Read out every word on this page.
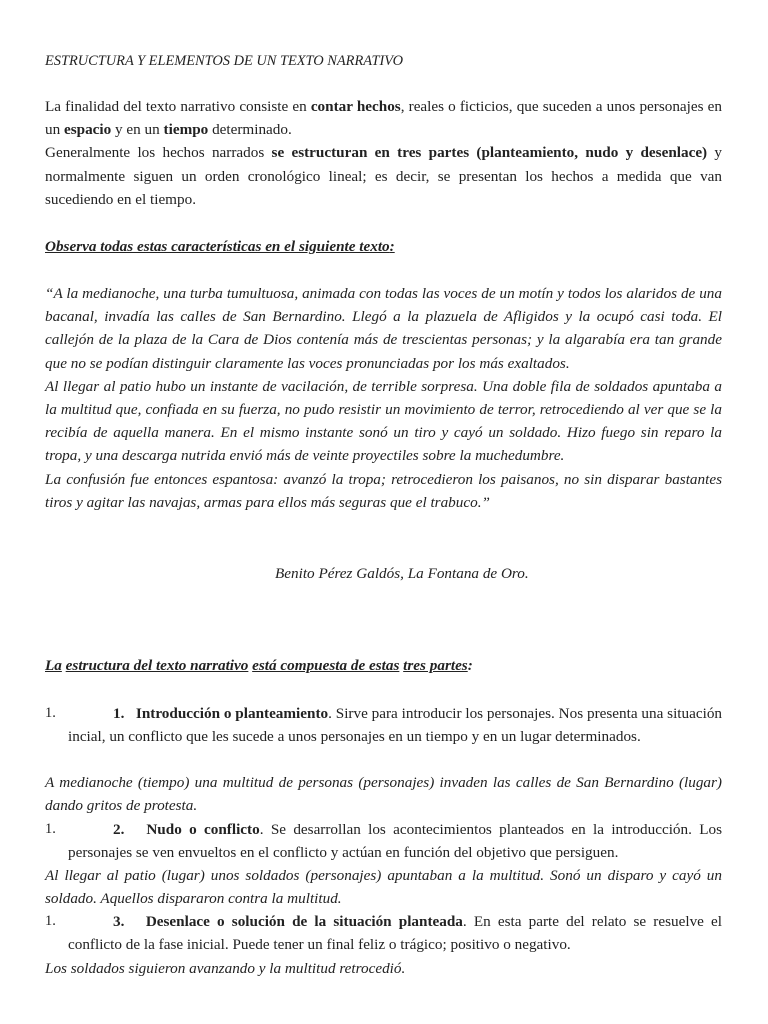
ESTRUCTURA Y ELEMENTOS DE UN TEXTO NARRATIVO

La finalidad del texto narrativo consiste en contar hechos, reales o ficticios, que suceden a unos personajes en un espacio y en un tiempo determinado.
Generalmente los hechos narrados se estructuran en tres partes (planteamiento, nudo y desenlace) y normalmente siguen un orden cronológico lineal; es decir, se presentan los hechos a medida que van sucediendo en el tiempo.

Observa todas estas características en el siguiente texto:

“A la medianoche, una turba tumultuosa, animada con todas las voces de un motín y todos los alaridos de una bacanal, invadía las calles de San Bernardino. Llegó a la plazuela de Afligidos y la ocupó casi toda. El callejón de la plaza de la Cara de Dios contenía más de trescientas personas; y la algarabía era tan grande que no se podían distinguir claramente las voces pronunciadas por los más exaltados.
Al llegar al patio hubo un instante de vacilación, de terrible sorpresa. Una doble fila de soldados apuntaba a la multitud que, confiada en su fuerza, no pudo resistir un movimiento de terror, retrocediendo al ver que se la recibía de aquella manera. En el mismo instante sonó un tiro y cayó un soldado. Hizo fuego sin reparo la tropa, y una descarga nutrida envió más de veinte proyectiles sobre la muchedumbre.
La confusión fue entonces espantosa: avanzó la tropa; retrocedieron los paisanos, no sin disparar bastantes tiros y agitar las navajas, armas para ellos más seguras que el trabuco.”
Benito Pérez Galdós, La Fontana de Oro.

La estructura del texto narrativo está compuesta de estas tres partes:

1.	1. Introducción o planteamiento. Sirve para introducir los personajes. Nos presenta una situación incial, un conflicto que les sucede a unos personajes en un tiempo y en un lugar determinados.
A medianoche (tiempo) una multitud de personas (personajes) invaden las calles de San Bernardino (lugar) dando gritos de protesta.
1.	2. Nudo o conflicto. Se desarrollan los acontecimientos planteados en la introducción. Los personajes se ven envueltos en el conflicto y actúan en función del objetivo que persiguen.
Al llegar al patio (lugar) unos soldados (personajes) apuntaban a la multitud. Sonó un disparo y cayó un soldado. Aquellos dispararon contra la multitud.
1.	3. Desenlace o solución de la situación planteada. En esta parte del relato se resuelve el conflicto de la fase inicial. Puede tener un final feliz o trágico; positivo o negativo.
Los soldados siguieron avanzando y la multitud retrocedió.
